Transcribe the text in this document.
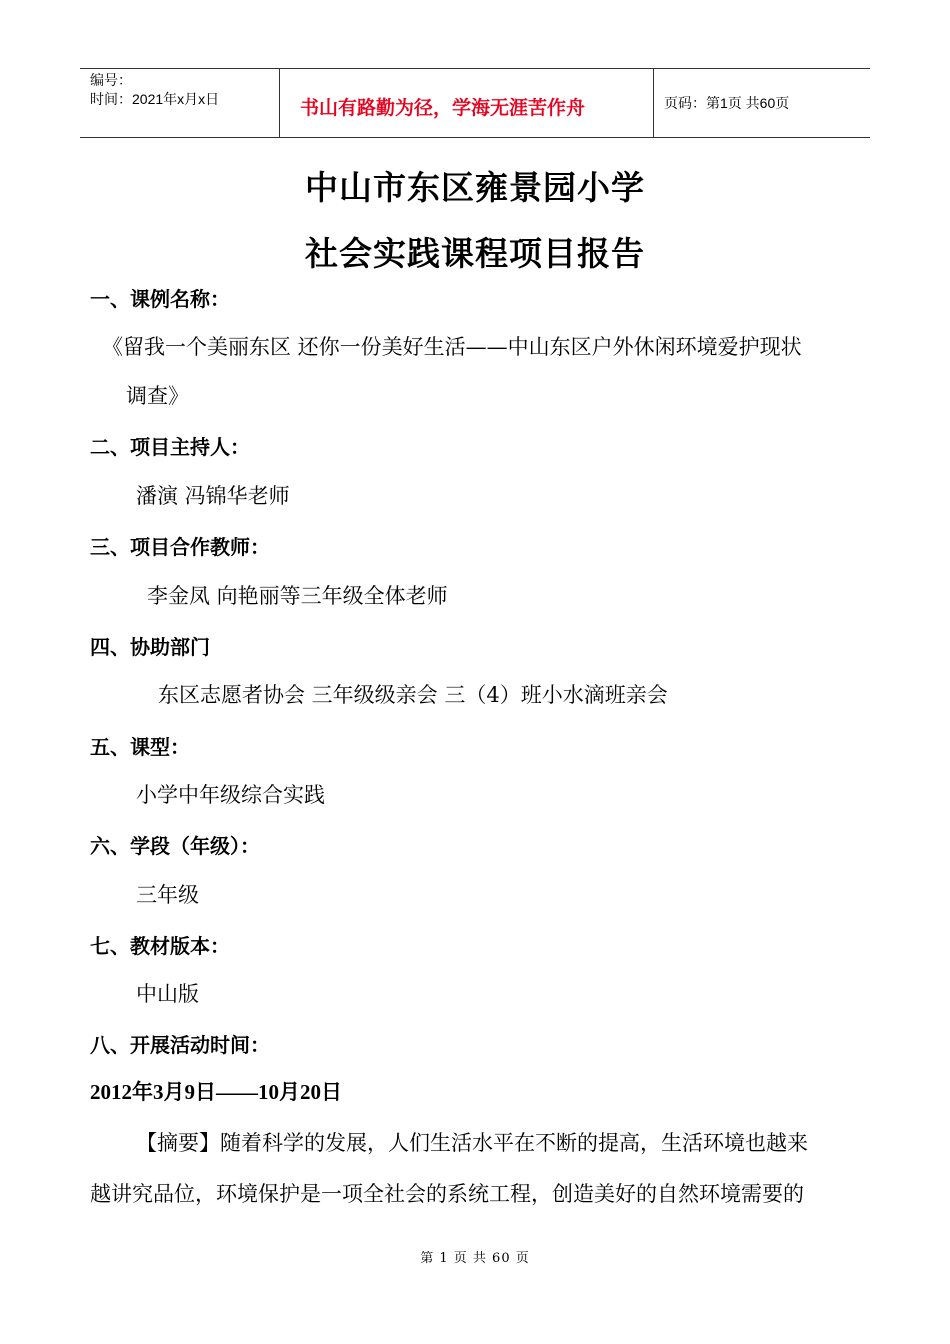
编号：
时间：2021年x月x日	书山有路勤为径，学海无涯苦作舟	页码：第1页 共60页
中山市东区雍景园小学
社会实践课程项目报告
一、课例名称：
《留我一个美丽东区 还你一份美好生活——中山东区户外休闲环境爱护现状
调查》
二、项目主持人：
潘演 冯锦华老师
三、项目合作教师：
李金凤 向艳丽等三年级全体老师
四、协助部门
东区志愿者协会 三年级级亲会 三（4）班小水滴班亲会
五、课型：
小学中年级综合实践
六、学段（年级）：
三年级
七、教材版本：
中山版
八、开展活动时间：
2012年3月9日——10月20日
【摘要】随着科学的发展，人们生活水平在不断的提高，生活环境也越来
越讲究品位，环境保护是一项全社会的系统工程，创造美好的自然环境需要的
第 1 页 共 60 页
